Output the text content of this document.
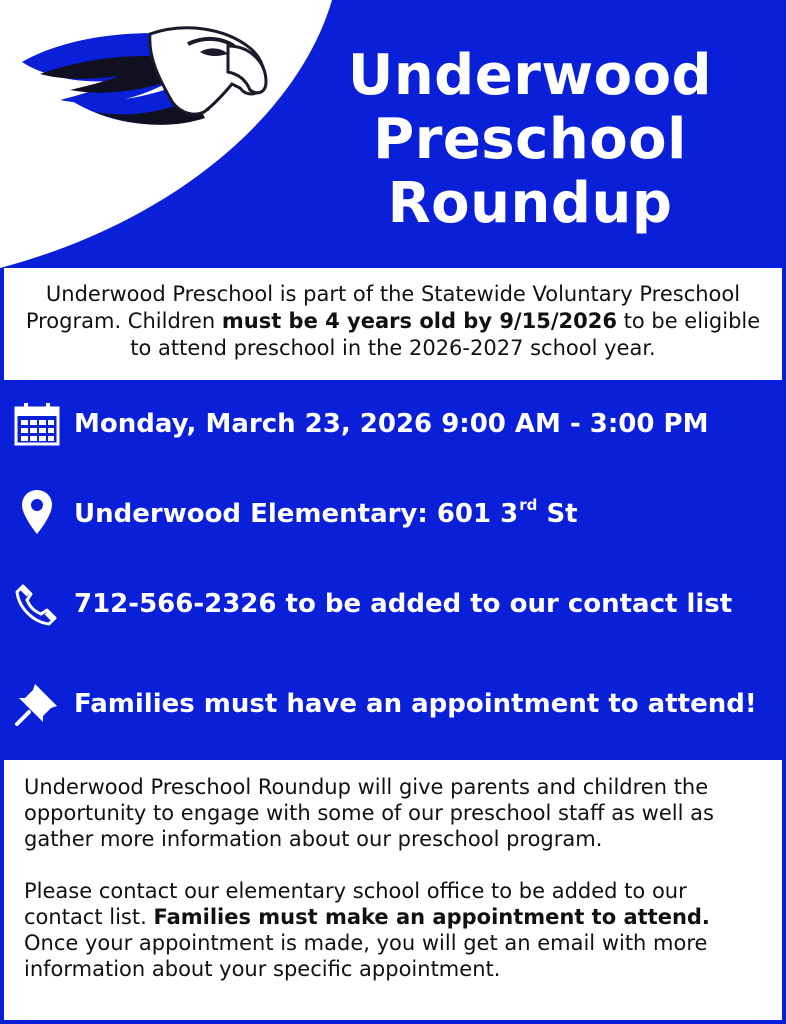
Underwood
Preschool
Roundup
Underwood Preschool is part of the Statewide Voluntary Preschool Program. Children must be 4 years old by 9/15/2026 to be eligible to attend preschool in the 2026-2027 school year.
Monday, March 23, 2026 9:00 AM - 3:00 PM
Underwood Elementary: 601 3rd St
712-566-2326 to be added to our contact list
Families must have an appointment to attend!

Underwood Preschool Roundup will give parents and children the opportunity to engage with some of our preschool staff as well as gather more information about our preschool program.

Please contact our elementary school office to be added to our contact list. Families must make an appointment to attend. Once your appointment is made, you will get an email with more information about your specific appointment.
